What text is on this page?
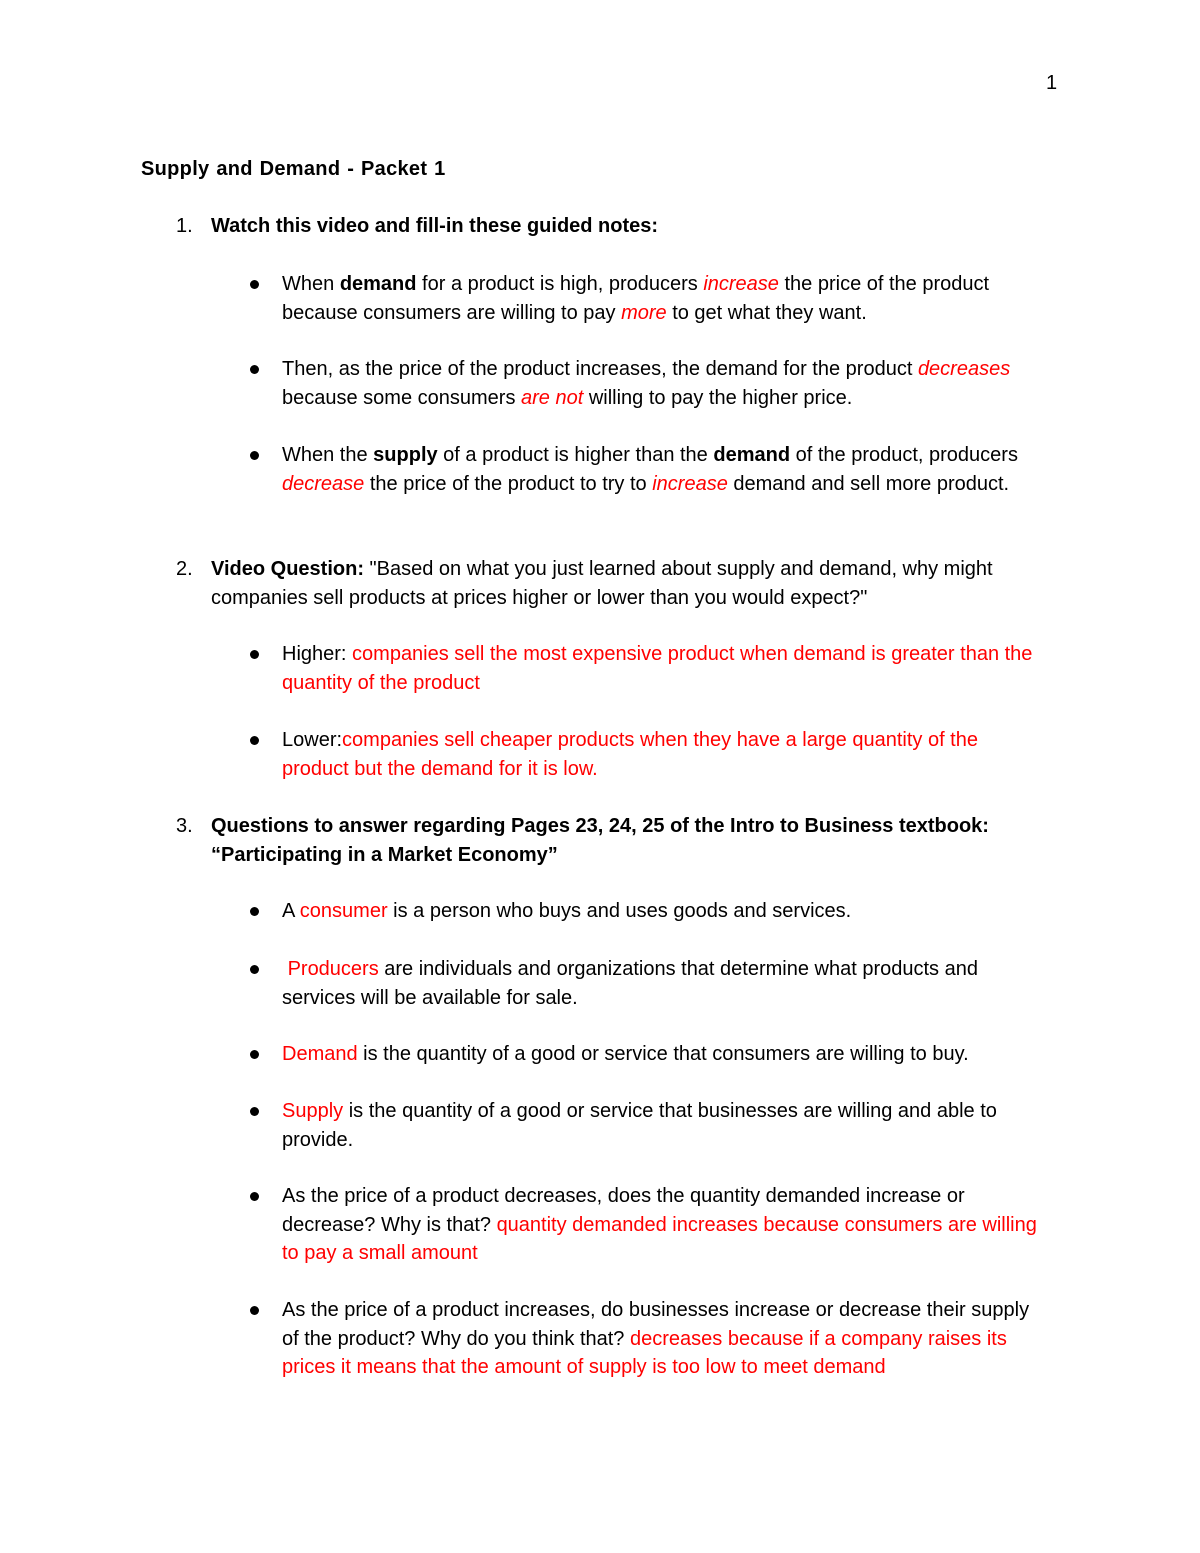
1
Supply and Demand - Packet 1
1. Watch this video and fill-in these guided notes:
When demand for a product is high, producers increase the price of the product because consumers are willing to pay more to get what they want.
Then, as the price of the product increases, the demand for the product decreases because some consumers are not willing to pay the higher price.
When the supply of a product is higher than the demand of the product, producers decrease the price of the product to try to increase demand and sell more product.
2. Video Question: "Based on what you just learned about supply and demand, why might companies sell products at prices higher or lower than you would expect?"
Higher: companies sell the most expensive product when demand is greater than the quantity of the product
Lower:companies sell cheaper products when they have a large quantity of the product but the demand for it is low.
3. Questions to answer regarding Pages 23, 24, 25 of the Intro to Business textbook: “Participating in a Market Economy”
A consumer is a person who buys and uses goods and services.
Producers are individuals and organizations that determine what products and services will be available for sale.
Demand is the quantity of a good or service that consumers are willing to buy.
Supply is the quantity of a good or service that businesses are willing and able to provide.
As the price of a product decreases, does the quantity demanded increase or decrease? Why is that? quantity demanded increases because consumers are willing to pay a small amount
As the price of a product increases, do businesses increase or decrease their supply of the product? Why do you think that? decreases because if a company raises its prices it means that the amount of supply is too low to meet demand
